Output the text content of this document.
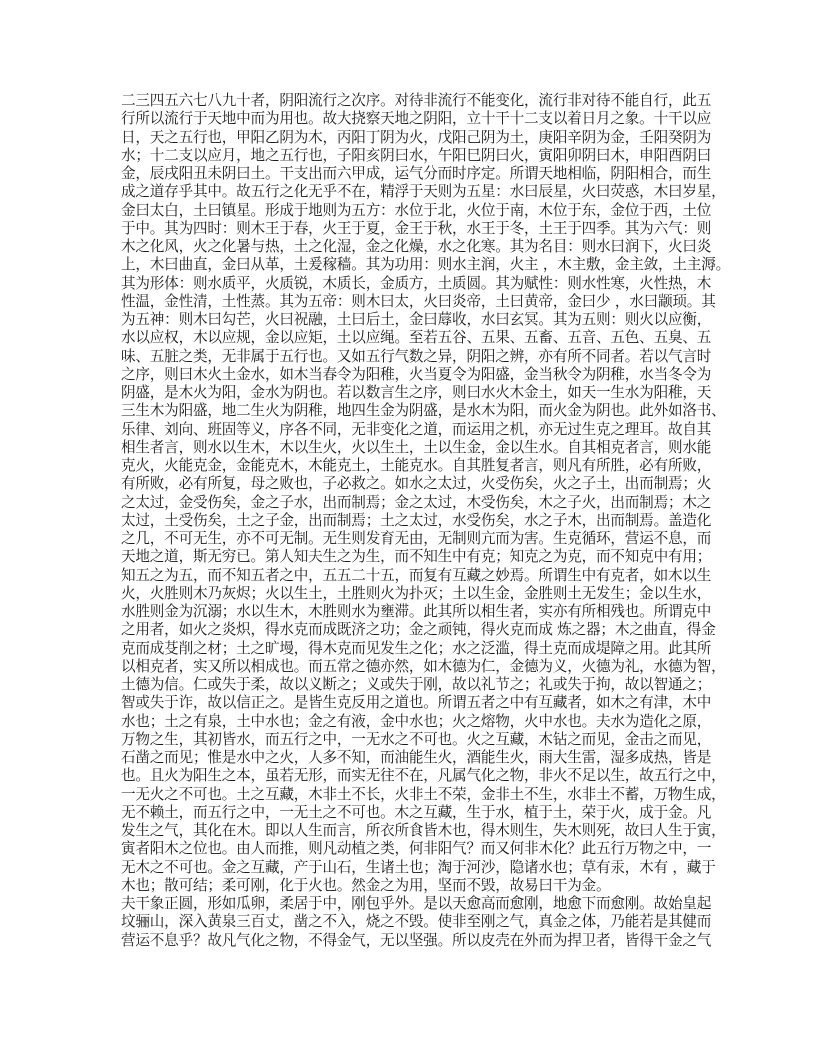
二三四五六七八九十者，阴阳流行之次序。对待非流行不能变化，流行非对待不能自行，此五
行所以流行于天地中而为用也。故大挠察天地之阴阳，立十干十二支以着日月之象。十干以应
日，天之五行也，甲阳乙阴为木，丙阳丁阴为火，戊阳己阴为土，庚阳辛阴为金，壬阳癸阴为
水；十二支以应月，地之五行也，子阳亥阴曰水，午阳巳阴曰火，寅阳卯阴曰木，申阳酉阴曰
金，辰戌阳丑未阴曰土。干支出而六甲成，运气分而时序定。所谓天地相临，阴阳相合，而生
成之道存乎其中。故五行之化无乎不在，精浮于天则为五星：水曰辰星，火曰荧惑，木曰岁星，
金曰太白，土曰镇星。形成于地则为五方：水位于北，火位于南，木位于东，金位于西，土位
于中。其为四时：则木王于春，火王于夏，金王于秋，水王于冬，土王于四季。其为六气：则
木之化风，火之化暑与热，土之化湿，金之化燥，水之化寒。其为名目：则水曰润下，火曰炎
上，木曰曲直，金曰从革，土爰稼穑。其为功用：则水主润，火主 ，木主敷，金主敛，土主溽。
其为形体：则水质平，火质锐，木质长，金质方，土质圆。其为赋性：则水性寒，火性热，木
性温，金性清，土性蒸。其为五帝：则木曰太，火曰炎帝，土曰黄帝，金曰少 ，水曰颛顼。其
为五神：则木曰勾芒，火曰祝融，土曰后土，金曰蓐收，水曰玄冥。其为五则：则火以应衡，
水以应权，木以应规，金以应矩，土以应绳。至若五谷、五果、五畜、五音、五色、五臭、五
味、五脏之类，无非属于五行也。又如五行气数之异，阴阳之辨，亦有所不同者。若以气言时
之序，则曰木火土金水，如木当春令为阳稚，火当夏令为阳盛，金当秋令为阴稚，水当冬令为
阴盛，是木火为阳，金水为阴也。若以数言生之序，则曰水火木金土，如天一生水为阳稚，天
三生木为阳盛，地二生火为阴稚，地四生金为阴盛，是水木为阳，而火金为阴也。此外如洛书、
乐律、刘向、班固等义，序各不同，无非变化之道，而运用之机，亦无过生克之理耳。故自其
相生者言，则水以生木，木以生火，火以生土，土以生金，金以生水。自其相克者言，则水能
克火，火能克金，金能克木，木能克土，土能克水。自其胜复者言，则凡有所胜，必有所败，
有所败，必有所复，母之败也，子必救之。如水之太过，火受伤矣，火之子土，出而制焉；火
之太过，金受伤矣，金之子水，出而制焉；金之太过，木受伤矣，木之子火，出而制焉；木之
太过，土受伤矣，土之子金，出而制焉；土之太过，水受伤矣，水之子木，出而制焉。盖造化
之几，不可无生，亦不可无制。无生则发育无由，无制则亢而为害。生克循环，营运不息，而
天地之道，斯无穷已。第人知夫生之为生，而不知生中有克；知克之为克，而不知克中有用；
知五之为五，而不知五者之中，五五二十五，而复有互藏之妙焉。所谓生中有克者，如木以生
火，火胜则木乃灰烬；火以生土，土胜则火为扑灭；土以生金，金胜则土无发生；金以生水，
水胜则金为沉溺；水以生木，木胜则水为壅滞。此其所以相生者，实亦有所相残也。所谓克中
之用者，如火之炎炽，得水克而成既济之功；金之顽钝，得火克而成 炼之器；木之曲直，得金
克而成芟削之材；土之旷墁，得木克而见发生之化；水之泛滥，得土克而成堤障之用。此其所
以相克者，实又所以相成也。而五常之德亦然，如木德为仁，金德为义，火德为礼，水德为智，
土德为信。仁或失于柔，故以义断之；义或失于刚，故以礼节之；礼或失于拘，故以智通之；
智或失于诈，故以信正之。是皆生克反用之道也。所谓五者之中有互藏者，如木之有津，木中
水也；土之有泉，土中水也；金之有液，金中水也；火之熔物，火中水也。夫水为造化之原，
万物之生，其初皆水，而五行之中，一无水之不可也。火之互藏，木钻之而见，金击之而见，
石凿之而见；惟是水中之火，人多不知，而油能生火，酒能生火，雨大生雷，湿多成热，皆是
也。且火为阳生之本，虽若无形，而实无往不在，凡属气化之物，非火不足以生，故五行之中，
一无火之不可也。土之互藏，木非土不长，火非土不荣，金非土不生，水非土不蓄，万物生成，
无不赖土，而五行之中，一无土之不可也。木之互藏，生于水，植于土，荣于火，成于金。凡
发生之气，其化在木。即以人生而言，所衣所食皆木也，得木则生，失木则死，故曰人生于寅，
寅者阳木之位也。由人而推，则凡动植之类，何非阳气？而又何非木化？此五行万物之中，一
无木之不可也。金之互藏，产于山石，生诸土也；淘于河沙，隐诸水也；草有汞，木有 ，藏于
木也；散可结；柔可刚，化于火也。然金之为用，坚而不毁，故易曰干为金。
夫干象正圆，形如瓜卵，柔居于中，刚包乎外。是以天愈高而愈刚，地愈下而愈刚。故始皇起
坟骊山，深入黄泉三百丈，凿之不入，烧之不毁。使非至刚之气，真金之体，乃能若是其健而
营运不息乎？故凡气化之物，不得金气，无以坚强。所以皮壳在外而为捍卫者，皆得干金之气
